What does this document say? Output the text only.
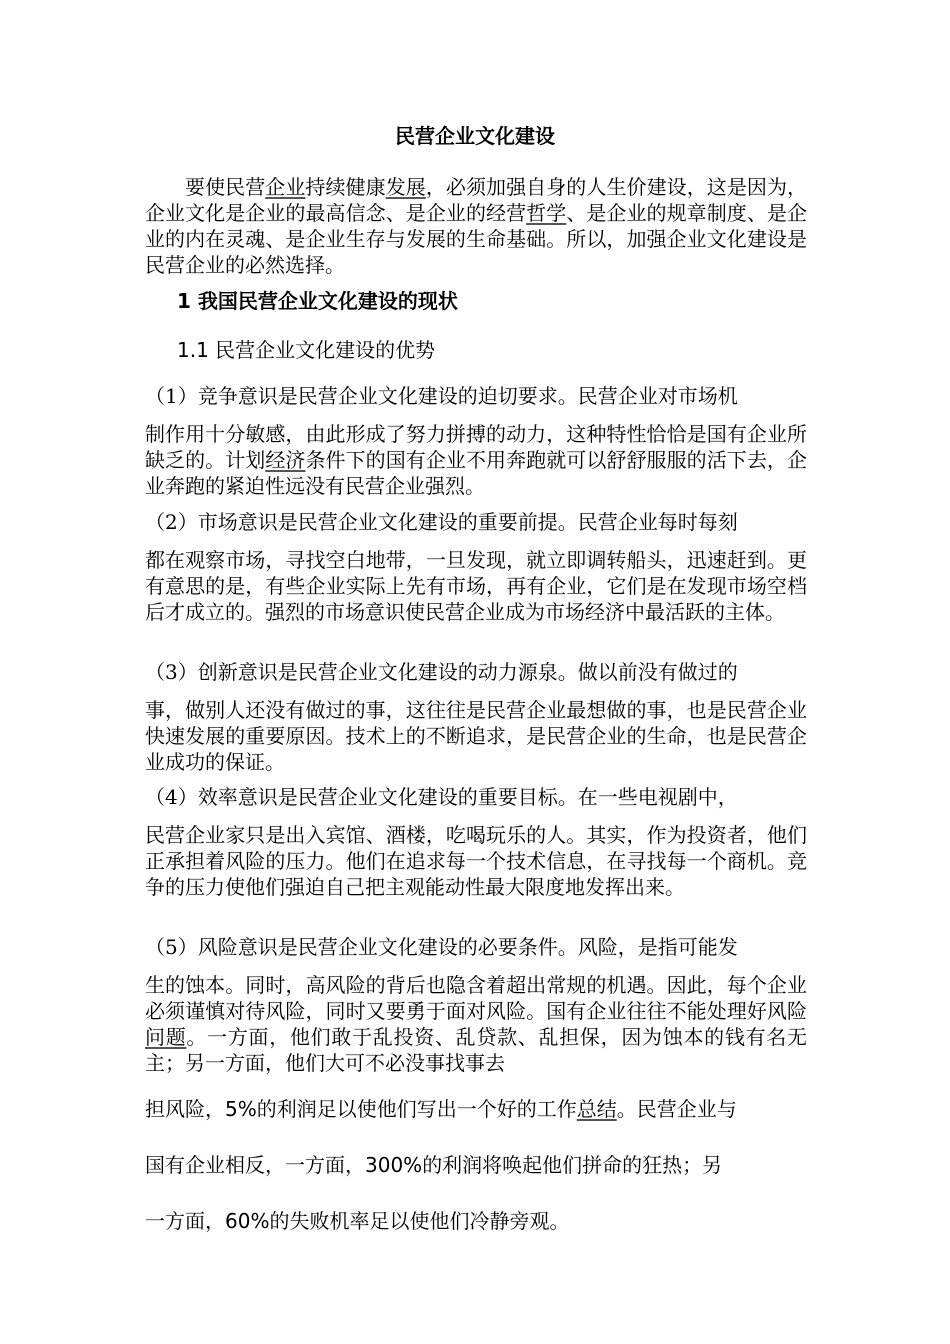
民营企业文化建设

要使民营企业持续健康发展，必须加强自身的人生价建设，这是因为，企业文化是企业的最高信念、是企业的经营哲学、是企业的规章制度、是企业的内在灵魂、是企业生存与发展的生命基础。所以，加强企业文化建设是民营企业的必然选择。

1 我国民营企业文化建设的现状
1.1 民营企业文化建设的优势

（1）竞争意识是民营企业文化建设的迫切要求。民营企业对市场机
制作用十分敏感，由此形成了努力拼搏的动力，这种特性恰恰是国有企业所缺乏的。计划经济条件下的国有企业不用奔跑就可以舒舒服服的活下去，企业奔跑的紧迫性远没有民营企业强烈。

（2）市场意识是民营企业文化建设的重要前提。民营企业每时每刻
都在观察市场，寻找空白地带，一旦发现，就立即调转船头，迅速赶到。更有意思的是，有些企业实际上先有市场，再有企业，它们是在发现市场空档后才成立的。强烈的市场意识使民营企业成为市场经济中最活跃的主体。

（3）创新意识是民营企业文化建设的动力源泉。做以前没有做过的
事，做别人还没有做过的事，这往往是民营企业最想做的事，也是民营企业快速发展的重要原因。技术上的不断追求，是民营企业的生命，也是民营企业成功的保证。

（4）效率意识是民营企业文化建设的重要目标。在一些电视剧中，
民营企业家只是出入宾馆、酒楼，吃喝玩乐的人。其实，作为投资者，他们正承担着风险的压力。他们在追求每一个技术信息，在寻找每一个商机。竞争的压力使他们强迫自己把主观能动性最大限度地发挥出来。

（5）风险意识是民营企业文化建设的必要条件。风险，是指可能发
生的蚀本。同时，高风险的背后也隐含着超出常规的机遇。因此，每个企业必须谨慎对待风险，同时又要勇于面对风险。国有企业往往不能处理好风险问题。一方面，他们敢于乱投资、乱贷款、乱担保，因为蚀本的钱有名无主；另一方面，他们大可不必没事找事去
担风险，5%的利润足以使他们写出一个好的工作总结。民营企业与
国有企业相反，一方面，300%的利润将唤起他们拼命的狂热；另
一方面，60%的失败机率足以使他们冷静旁观。
